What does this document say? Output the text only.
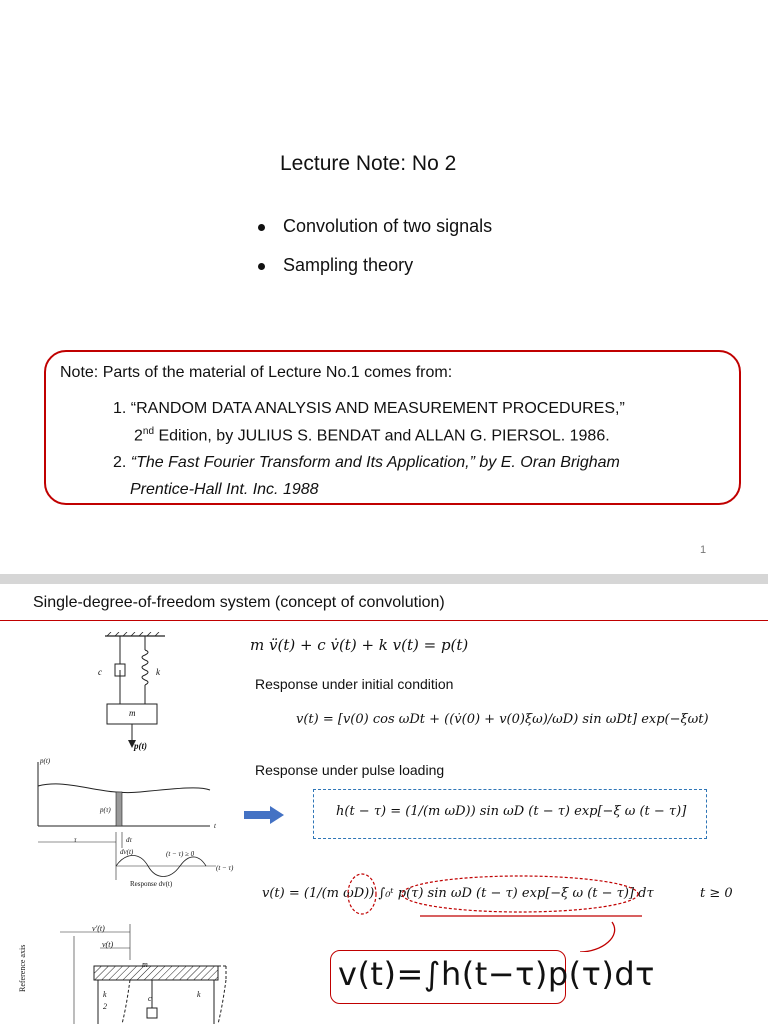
Lecture Note: No 2
Convolution of two signals
Sampling theory
Note: Parts of the material of Lecture No.1 comes from:
1. “RANDOM DATA ANALYSIS AND MEASUREMENT PROCEDURES,”
2nd Edition, by JULIUS S. BENDAT and ALLAN G. PIERSOL. 1986.
2. “The Fast Fourier Transform and Its Application,” by E. Oran Brigham
Prentice-Hall Int. Inc. 1988
1
Single-degree-of-freedom system (concept of convolution)
c	k
m
p(t)
p(t)
p(τ)
t
τ	dτ
dv(t)	(t − τ) ≥ 0
(t − τ)
Response dv(t)
v'(t)
v(t)
m
k
2
c	k
Reference axis
m v̈(t) + c v̇(t) + k v(t) = p(t)
Response under initial condition
v(t) = [v(0) cos ωDt + ((v̇(0) + v(0)ξω)/ωD) sin ωDt] exp(−ξωt)
Response under pulse loading
h(t − τ) = (1/(m ωD)) sin ωD (t − τ) exp[−ξ ω (t − τ)]
v(t) = (1/(m ωD)) ∫₀ᵗ p(τ) sin ωD (t − τ) exp[−ξ ω (t − τ)] dτ	t ≥ 0
v(t)=∫h(t−τ)p(τ)dτ
